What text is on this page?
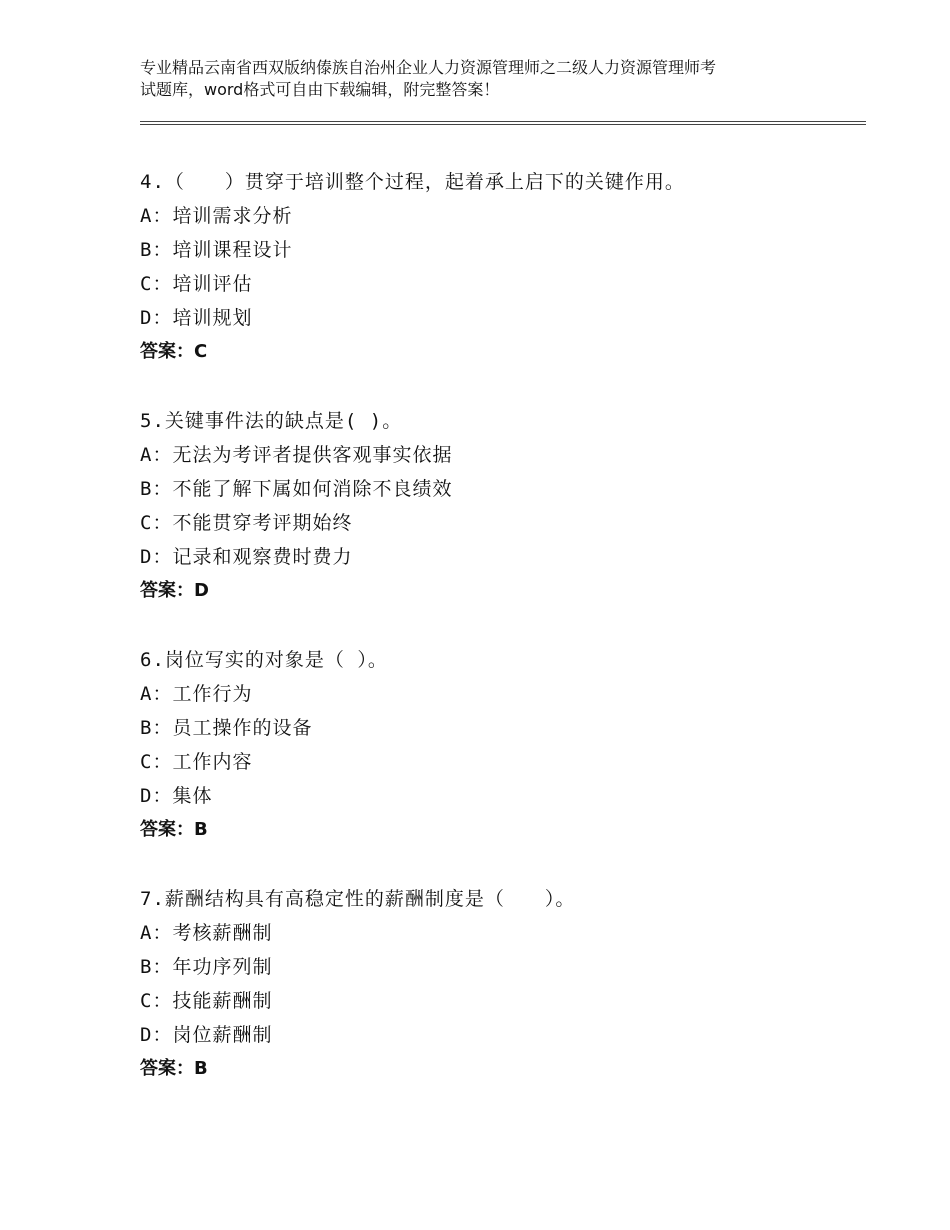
专业精品云南省西双版纳傣族自治州企业人力资源管理师之二级人力资源管理师考
试题库，word格式可自由下载编辑，附完整答案！
4.（　　）贯穿于培训整个过程，起着承上启下的关键作用。
A：培训需求分析
B：培训课程设计
C：培训评估
D：培训规划
答案：C
5.关键事件法的缺点是( )。
A：无法为考评者提供客观事实依据
B：不能了解下属如何消除不良绩效
C：不能贯穿考评期始终
D：记录和观察费时费力
答案：D
6.岗位写实的对象是（ ）。
A：工作行为
B：员工操作的设备
C：工作内容
D：集体
答案：B
7.薪酬结构具有高稳定性的薪酬制度是（　　）。
A：考核薪酬制
B：年功序列制
C：技能薪酬制
D：岗位薪酬制
答案：B
